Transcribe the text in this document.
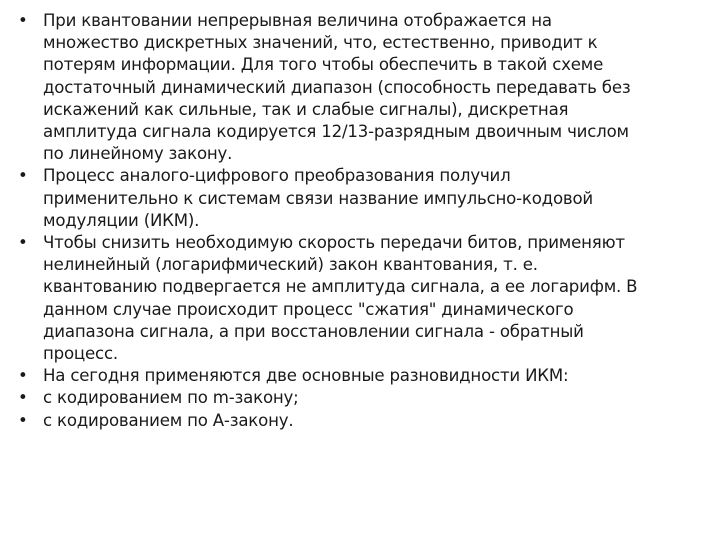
• При квантовании непрерывная величина отображается на
множество дискретных значений, что, естественно, приводит к
потерям информации. Для того чтобы обеспечить в такой схеме
достаточный динамический диапазон (способность передавать без
искажений как сильные, так и слабые сигналы), дискретная
амплитуда сигнала кодируется 12/13-разрядным двоичным числом
по линейному закону.
• Процесс аналого-цифрового преобразования получил
применительно к системам связи название импульсно-кодовой
модуляции (ИКМ).
• Чтобы снизить необходимую скорость передачи битов, применяют
нелинейный (логарифмический) закон квантования, т. е.
квантованию подвергается не амплитуда сигнала, а ее логарифм. В
данном случае происходит процесс "сжатия" динамического
диапазона сигнала, а при восстановлении сигнала - обратный
процесс.
• На сегодня применяются две основные разновидности ИКМ:
• с кодированием по m-закону;
• с кодированием по А-закону.
